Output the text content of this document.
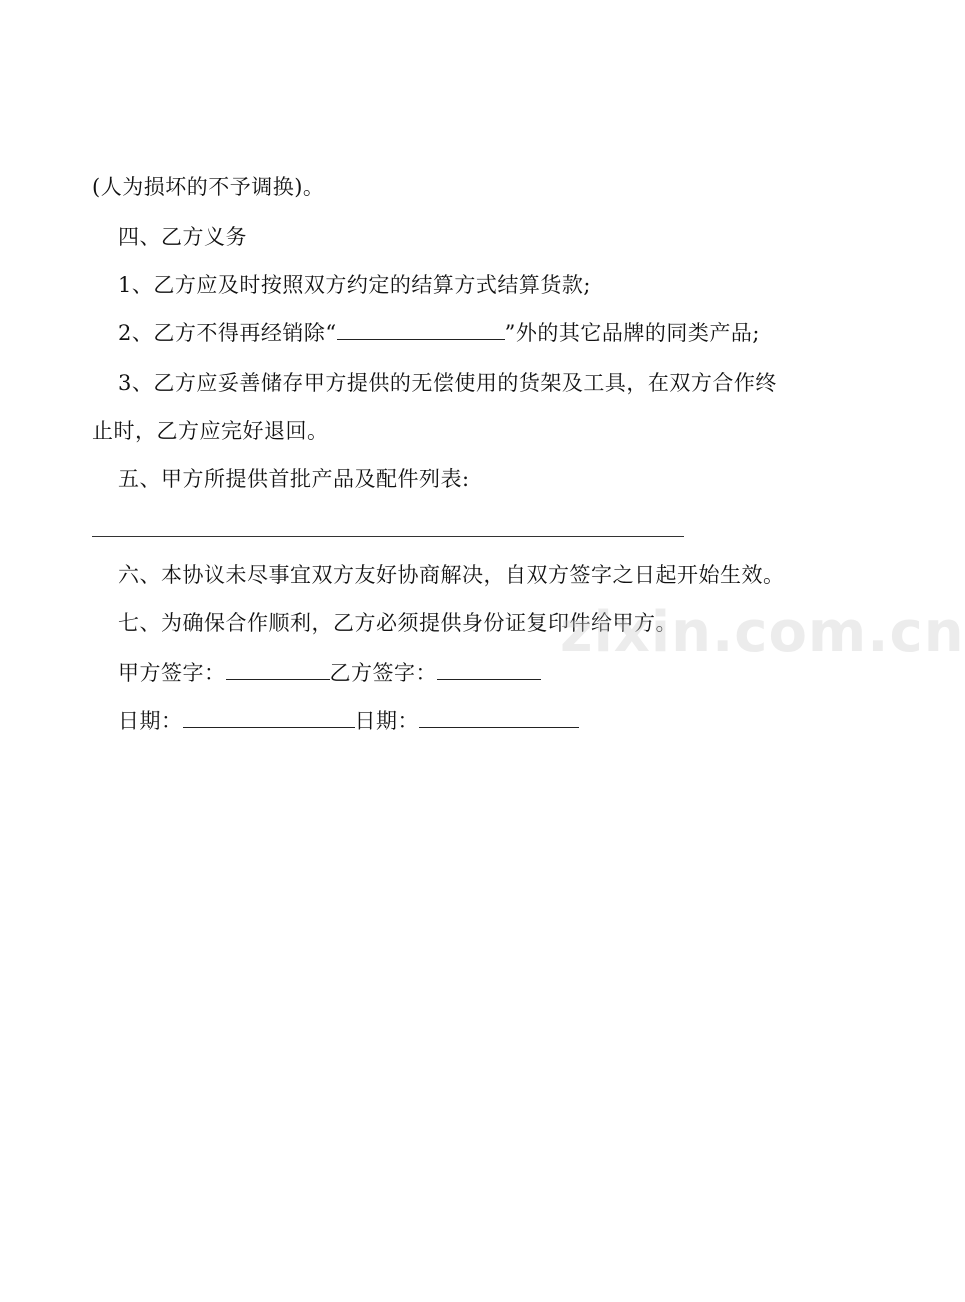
(人为损坏的不予调换)。
四、乙方义务
1、乙方应及时按照双方约定的结算方式结算货款;
2、乙方不得再经销除“	”外的其它品牌的同类产品;
3、乙方应妥善储存甲方提供的无偿使用的货架及工具，在双方合作终
止时，乙方应完好退回。
五、甲方所提供首批产品及配件列表:
六、本协议未尽事宜双方友好协商解决，自双方签字之日起开始生效。
七、为确保合作顺利，乙方必须提供身份证复印件给甲方。
甲方签字：	乙方签字：
日期：	日期：
zixin.com.cn
